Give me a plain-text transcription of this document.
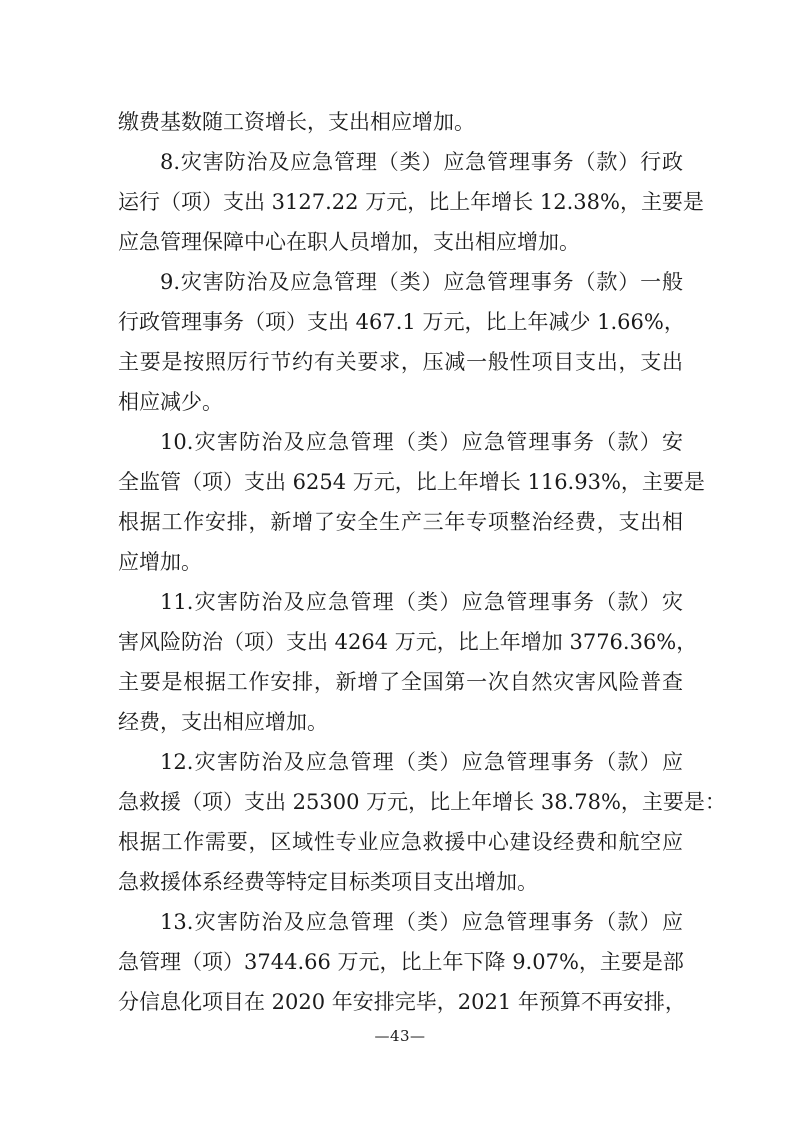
缴费基数随工资增长，支出相应增加。
8.灾害防治及应急管理（类）应急管理事务（款）行政
运行（项）支出 3127.22 万元，比上年增长 12.38%，主要是
应急管理保障中心在职人员增加，支出相应增加。
9.灾害防治及应急管理（类）应急管理事务（款）一般
行政管理事务（项）支出 467.1 万元，比上年减少 1.66%，
主要是按照厉行节约有关要求，压减一般性项目支出，支出
相应减少。
10.灾害防治及应急管理（类）应急管理事务（款）安
全监管（项）支出 6254 万元，比上年增长 116.93%，主要是
根据工作安排，新增了安全生产三年专项整治经费，支出相
应增加。
11.灾害防治及应急管理（类）应急管理事务（款）灾
害风险防治（项）支出 4264 万元，比上年增加 3776.36%，
主要是根据工作安排，新增了全国第一次自然灾害风险普查
经费，支出相应增加。
12.灾害防治及应急管理（类）应急管理事务（款）应
急救援（项）支出 25300 万元，比上年增长 38.78%，主要是：
根据工作需要，区域性专业应急救援中心建设经费和航空应
急救援体系经费等特定目标类项目支出增加。
13.灾害防治及应急管理（类）应急管理事务（款）应
急管理（项）3744.66 万元，比上年下降 9.07%，主要是部
分信息化项目在 2020 年安排完毕，2021 年预算不再安排，
—43—
